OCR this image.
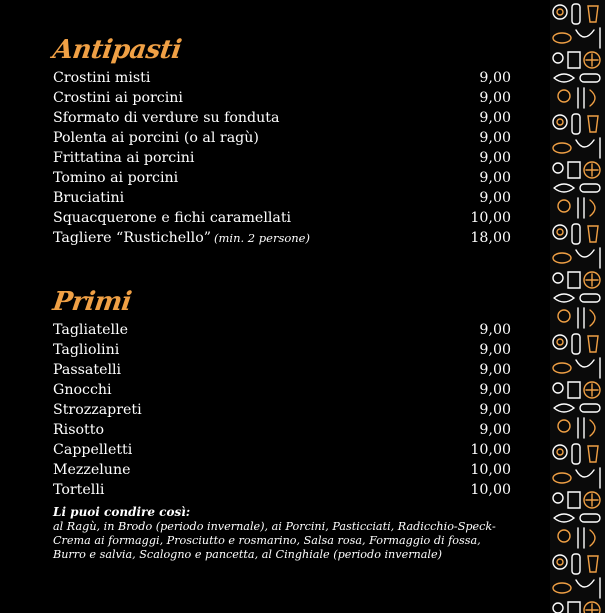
Antipasti
Crostini misti	9,00
Crostini ai porcini	9,00
Sformato di verdure su fonduta	9,00
Polenta ai porcini (o al ragù)	9,00
Frittatina ai porcini	9,00
Tomino ai porcini	9,00
Bruciatini	9,00
Squacquerone e fichi caramellati	10,00
Tagliere “Rustichello” (min. 2 persone)	18,00
Primi
Tagliatelle	9,00
Tagliolini	9,00
Passatelli	9,00
Gnocchi	9,00
Strozzapreti	9,00
Risotto	9,00
Cappelletti	10,00
Mezzelune	10,00
Tortelli	10,00
Li puoi condire così:
al Ragù, in Brodo (periodo invernale), ai Porcini, Pasticciati, Radicchio-Speck-Crema ai formaggi, Prosciutto e rosmarino, Salsa rosa, Formaggio di fossa, Burro e salvia, Scalogno e pancetta, al Cinghiale (periodo invernale)
